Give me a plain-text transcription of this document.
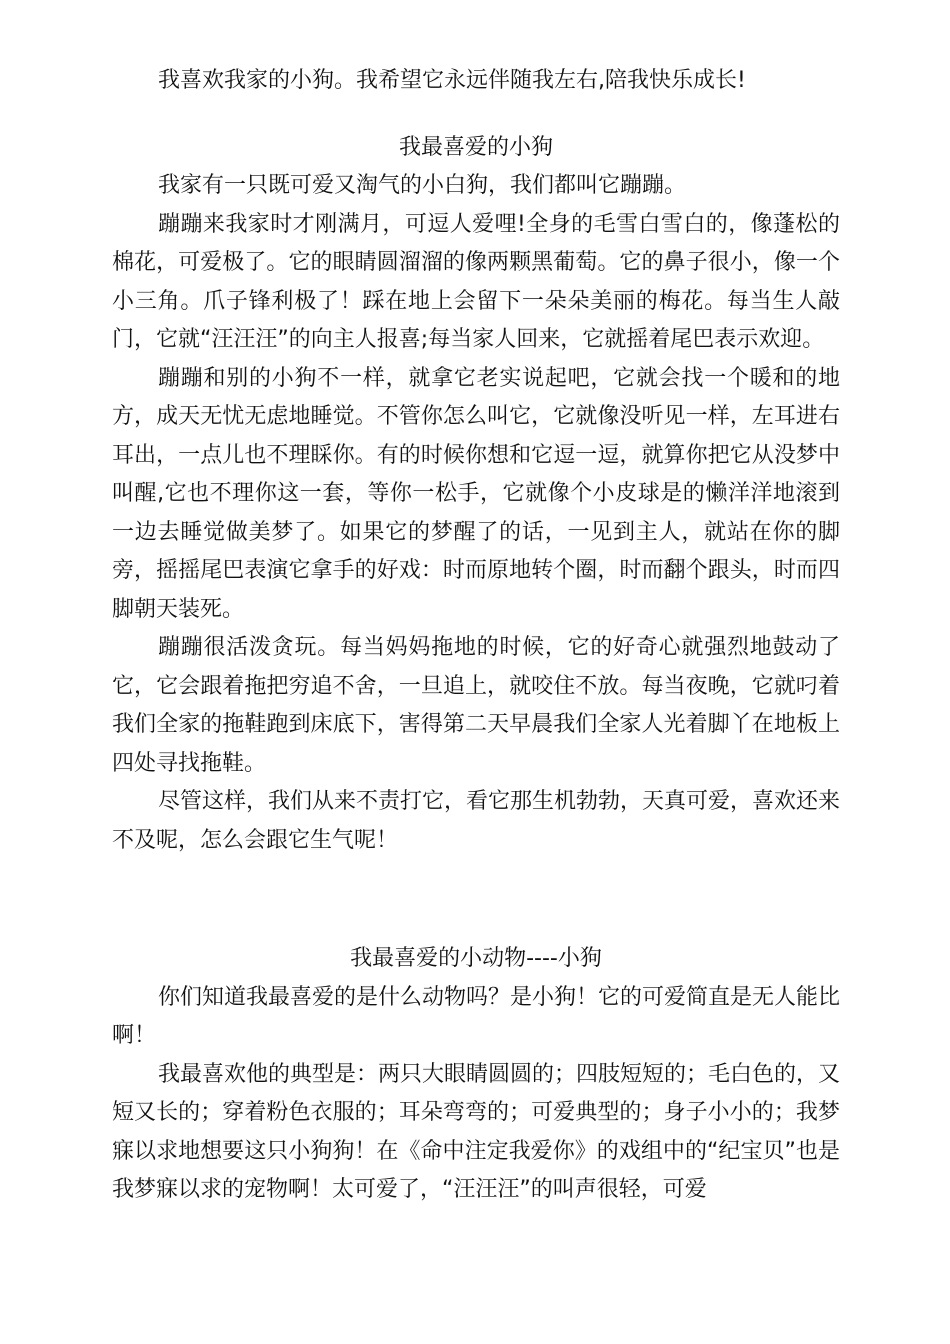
我喜欢我家的小狗。我希望它永远伴随我左右,陪我快乐成长!

我最喜爱的小狗

我家有一只既可爱又淘气的小白狗，我们都叫它蹦蹦。

蹦蹦来我家时才刚满月，可逗人爱哩!全身的毛雪白雪白的，像蓬松的棉花，可爱极了。它的眼睛圆溜溜的像两颗黑葡萄。它的鼻子很小，像一个小三角。爪子锋利极了！踩在地上会留下一朵朵美丽的梅花。每当生人敲门，它就“汪汪汪”的向主人报喜;每当家人回来，它就摇着尾巴表示欢迎。

蹦蹦和别的小狗不一样，就拿它老实说起吧，它就会找一个暖和的地方，成天无忧无虑地睡觉。不管你怎么叫它，它就像没听见一样，左耳进右耳出，一点儿也不理睬你。有的时候你想和它逗一逗，就算你把它从没梦中叫醒,它也不理你这一套，等你一松手，它就像个小皮球是的懒洋洋地滚到一边去睡觉做美梦了。如果它的梦醒了的话，一见到主人，就站在你的脚旁，摇摇尾巴表演它拿手的好戏：时而原地转个圈，时而翻个跟头，时而四脚朝天装死。

蹦蹦很活泼贪玩。每当妈妈拖地的时候，它的好奇心就强烈地鼓动了它，它会跟着拖把穷追不舍，一旦追上，就咬住不放。每当夜晚，它就叼着我们全家的拖鞋跑到床底下，害得第二天早晨我们全家人光着脚丫在地板上四处寻找拖鞋。

尽管这样，我们从来不责打它，看它那生机勃勃，天真可爱，喜欢还来不及呢，怎么会跟它生气呢！

我最喜爱的小动物----小狗

你们知道我最喜爱的是什么动物吗？是小狗！它的可爱简直是无人能比啊！

我最喜欢他的典型是：两只大眼睛圆圆的；四肢短短的；毛白色的，又短又长的；穿着粉色衣服的；耳朵弯弯的；可爱典型的；身子小小的；我梦寐以求地想要这只小狗狗！在《命中注定我爱你》的戏组中的“纪宝贝”也是我梦寐以求的宠物啊！太可爱了，“汪汪汪”的叫声很轻，可爱
